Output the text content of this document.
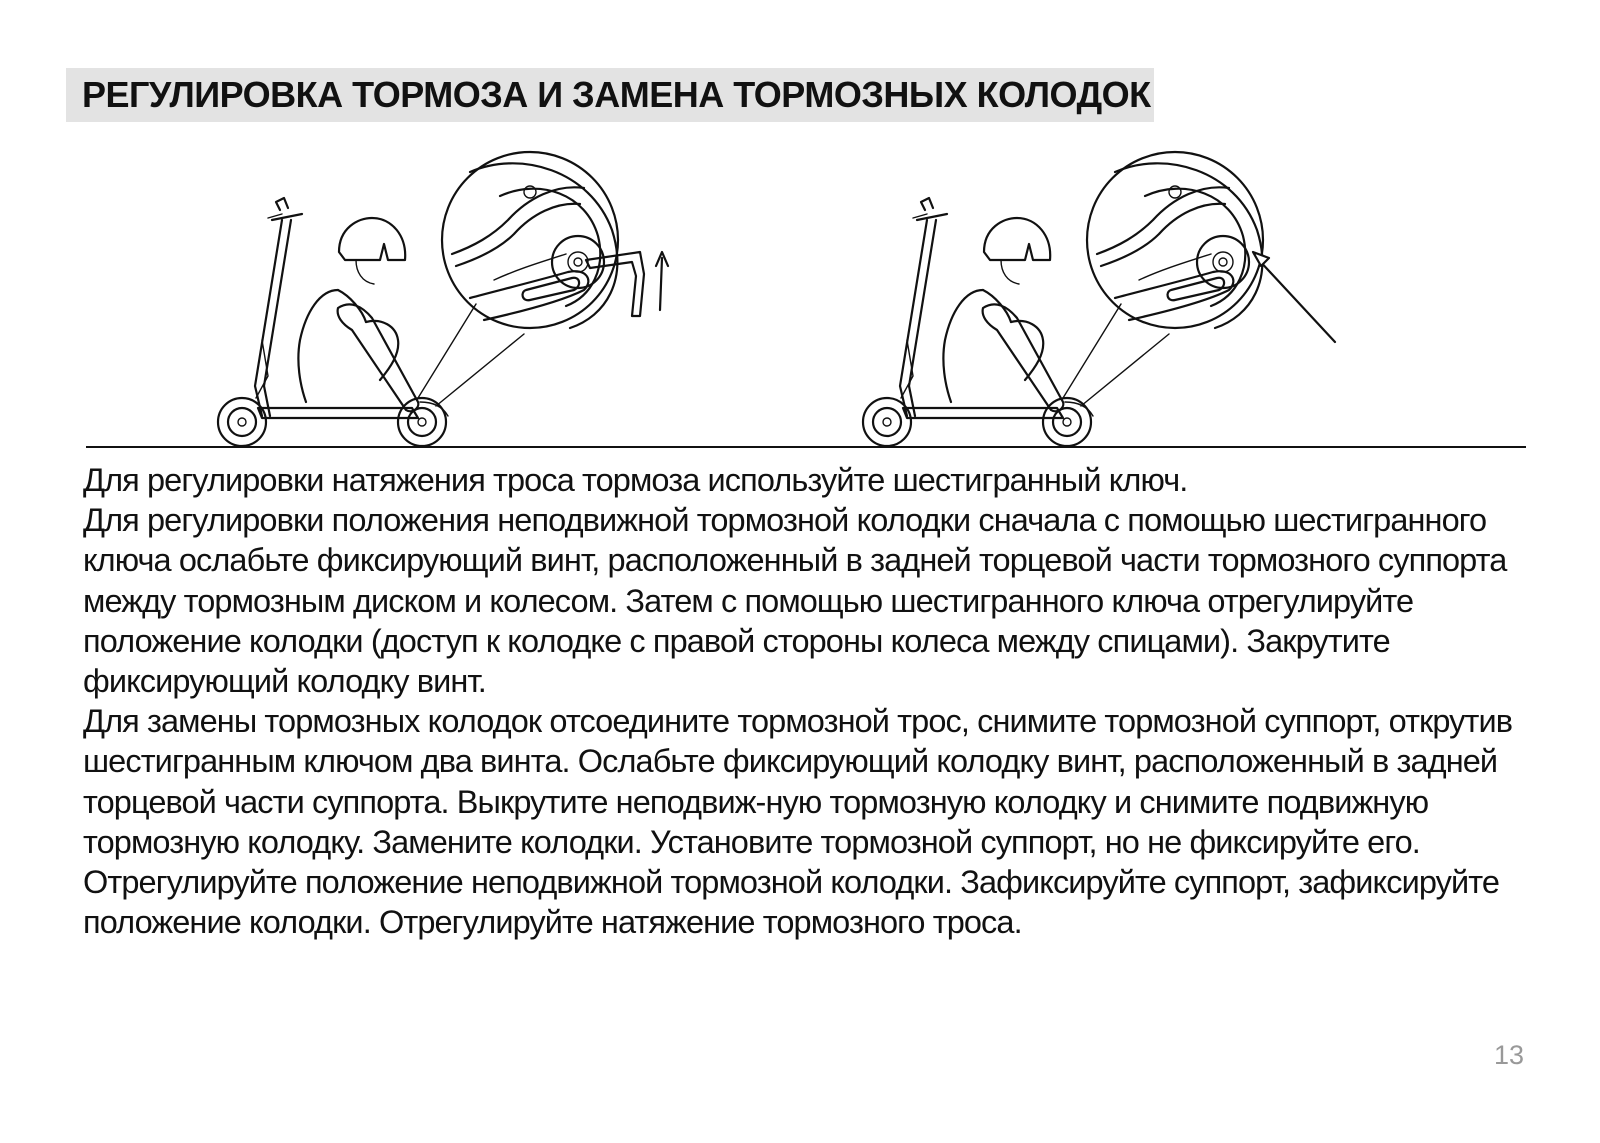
РЕГУЛИРОВКА ТОРМОЗА И ЗАМЕНА ТОРМОЗНЫХ КОЛОДОК

Для регулировки натяжения троса тормоза используйте шестигранный ключ.

Для регулировки положения неподвижной тормозной колодки сначала с помощью шестигранного ключа ослабьте фиксирующий винт, расположенный в задней торцевой части тормозного суппорта между тормозным диском и колесом. Затем с помощью шестигранного ключа отрегулируйте положение колодки (доступ к колодке с правой стороны колеса между спицами). Закрутите фиксирующий колодку винт.

Для замены тормозных колодок отсоедините тормозной трос, снимите тормозной суппорт, открутив шестигранным ключом два винта. Ослабьте фиксирующий колодку винт, расположенный в задней торцевой части суппорта. Выкрутите неподвиж-ную тормозную колодку и снимите подвижную тормозную колодку. Замените колодки. Установите тормозной суппорт, но не фиксируйте его. Отрегулируйте положение неподвижной тормозной колодки. Зафиксируйте суппорт, зафиксируйте положение колодки. Отрегулируйте натяжение тормозного троса.

13
